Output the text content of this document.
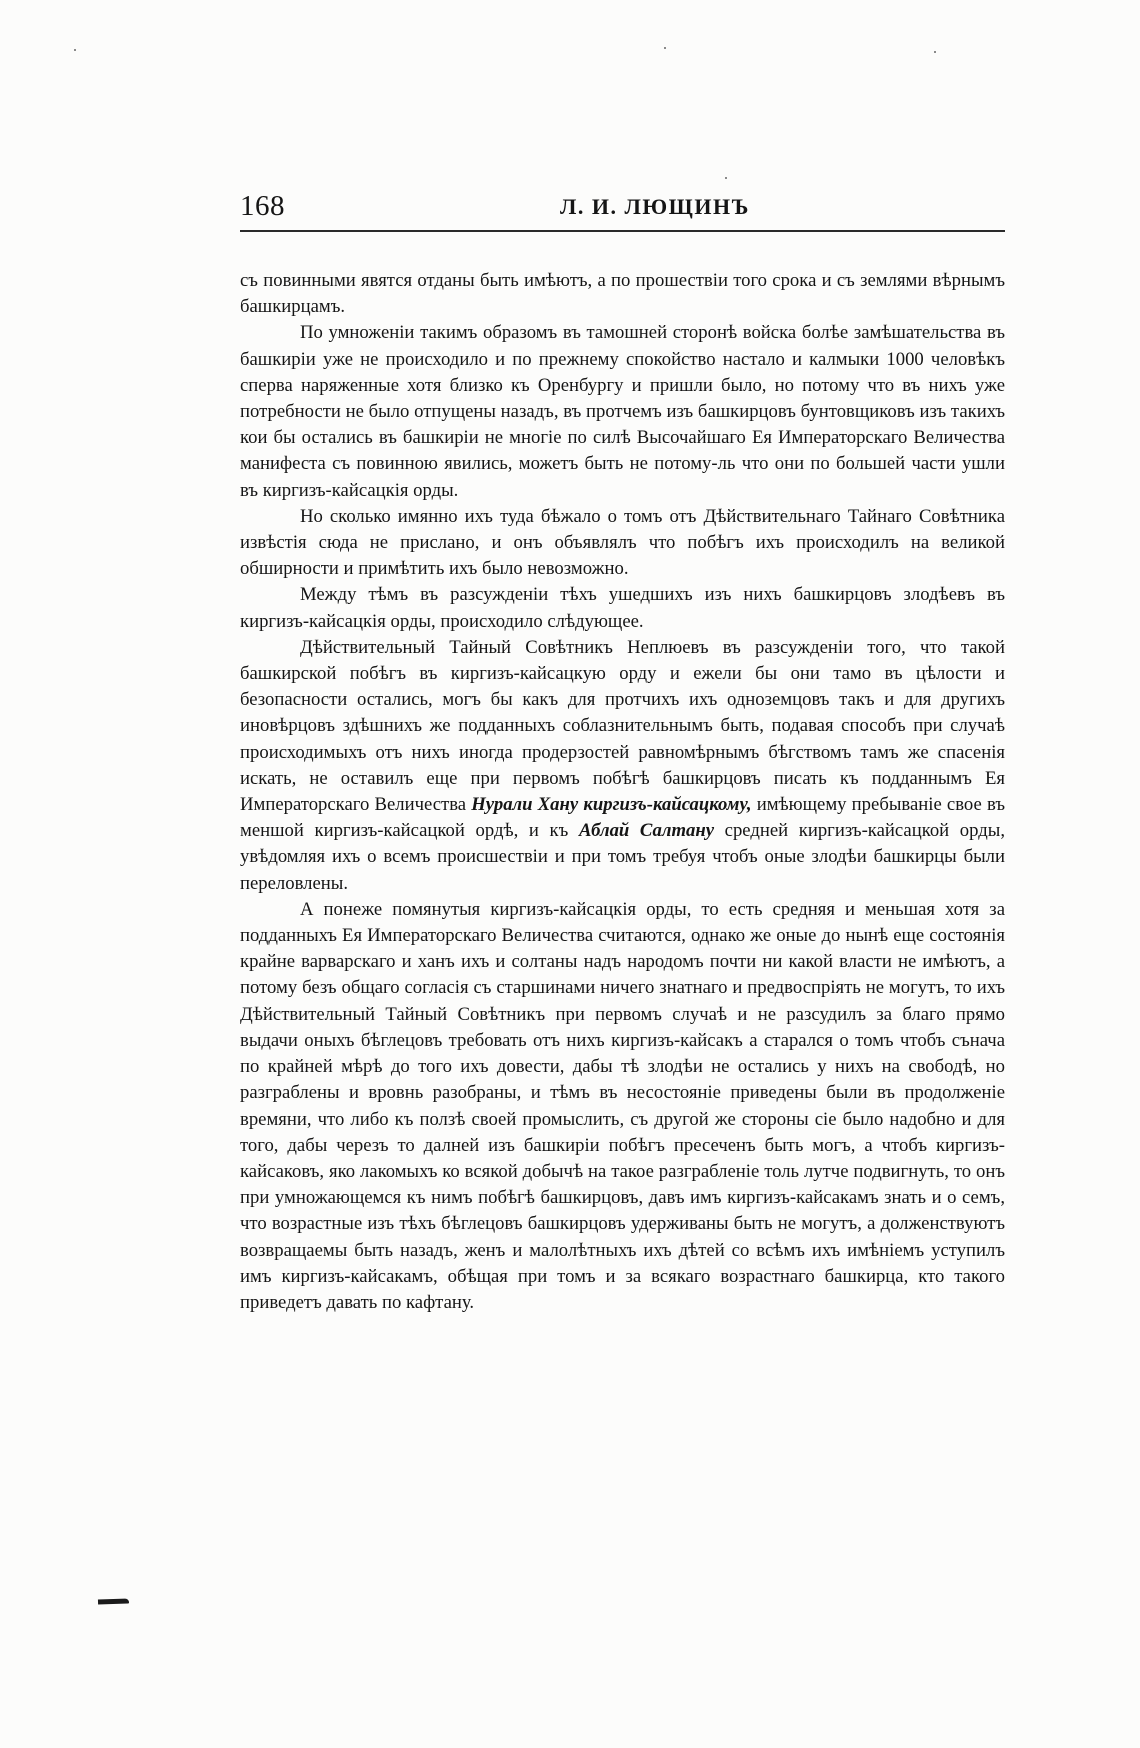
168	Л. И. ЛЮЩИНЪ

съ повинными явятся отданы быть имѣютъ, а по прошествіи того срока и съ землями вѣрнымъ башкирцамъ.

По умноженіи такимъ образомъ въ тамошней сторонѣ войска болѣе замѣшательства въ башкиріи уже не происходило и по прежнему спокойство настало и калмыки 1000 человѣкъ сперва наряженные хотя близко къ Оренбургу и пришли было, но потому что въ нихъ уже потребности не было отпущены назадъ, въ протчемъ изъ башкирцовъ бунтовщиковъ изъ такихъ кои бы остались въ башкиріи не многіе по силѣ Высочайшаго Ея Императорскаго Величества манифеста съ повинною явились, можетъ быть не потому-ль что они по большей части ушли въ киргизъ-кайсацкія орды.

Но сколько имянно ихъ туда бѣжало о томъ отъ Дѣйствительнаго Тайнаго Совѣтника извѣстія сюда не прислано, и онъ объявлялъ что побѣгъ ихъ происходилъ на великой обширности и примѣтить ихъ было невозможно.

Между тѣмъ въ разсужденіи тѣхъ ушедшихъ изъ нихъ башкирцовъ злодѣевъ въ киргизъ-кайсацкія орды, происходило слѣдующее.

Дѣйствительный Тайный Совѣтникъ Неплюевъ въ разсужденіи того, что такой башкирской побѣгъ въ киргизъ-кайсацкую орду и ежели бы они тамо въ цѣлости и безопасности остались, могъ бы какъ для протчихъ ихъ одноземцовъ такъ и для другихъ иновѣрцовъ здѣшнихъ же подданныхъ соблазнительнымъ быть, подавая способъ при случаѣ происходимыхъ отъ нихъ иногда продерзостей равномѣрнымъ бѣгствомъ тамъ же спасенія искать, не оставилъ еще при первомъ побѣгѣ башкирцовъ писать къ подданнымъ Ея Императорскаго Величества Нурали Хану киргизъ-кайсацкому, имѣющему пребываніе свое въ меншой киргизъ-кайсацкой ордѣ, и къ Аблай Салтану средней киргизъ-кайсацкой орды, увѣдомляя ихъ о всемъ происшествіи и при томъ требуя чтобъ оные злодѣи башкирцы были переловлены.

А понеже помянутыя киргизъ-кайсацкія орды, то есть средняя и меньшая хотя за подданныхъ Ея Императорскаго Величества считаются, однако же оные до нынѣ еще состоянія крайне варварскаго и ханъ ихъ и солтаны надъ народомъ почти ни какой власти не имѣютъ, а потому безъ общаго согласія съ старшинами ничего знатнаго и предвоспріять не могутъ, то ихъ Дѣйствительный Тайный Совѣтникъ при первомъ случаѣ и не разсудилъ за благо прямо выдачи оныхъ бѣглецовъ требовать отъ нихъ киргизъ-кайсакъ а старался о томъ чтобъ сънача по крайней мѣрѣ до того ихъ довести, дабы тѣ злодѣи не остались у нихъ на свободѣ, но разграблены и вровнь разобраны, и тѣмъ въ несостояніе приведены были въ продолженіе времяни, что либо къ ползѣ своей промыслить, съ другой же стороны сіе было надобно и для того, дабы черезъ то далней изъ башкиріи побѣгъ пресеченъ быть могъ, а чтобъ киргизъ-кайсаковъ, яко лакомыхъ ко всякой добычѣ на такое разграбленіе толь лутче подвигнуть, то онъ при умножающемся къ нимъ побѣгѣ башкирцовъ, давъ имъ киргизъ-кайсакамъ знать и о семъ, что возрастные изъ тѣхъ бѣглецовъ башкирцовъ удерживаны быть не могутъ, а долженствуютъ возвращаемы быть назадъ, женъ и малолѣтныхъ ихъ дѣтей со всѣмъ ихъ имѣніемъ уступилъ имъ киргизъ-кайсакамъ, обѣщая при томъ и за всякаго возрастнаго башкирца, кто такого приведетъ давать по кафтану.
